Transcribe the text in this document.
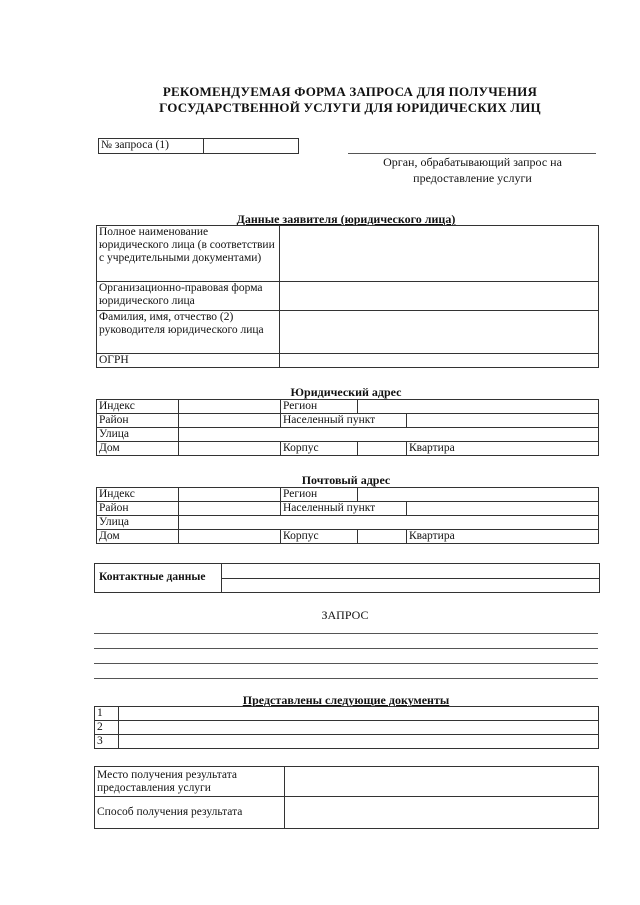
РЕКОМЕНДУЕМАЯ ФОРМА ЗАПРОСА ДЛЯ ПОЛУЧЕНИЯ
ГОСУДАРСТВЕННОЙ УСЛУГИ ДЛЯ ЮРИДИЧЕСКИХ ЛИЦ
№ запроса (1)	
Орган, обрабатывающий запрос на
предоставление услуги
Данные заявителя (юридического лица)
Полное наименование юридического лица (в соответствии с учредительными документами)	
Организационно-правовая форма юридического лица	
Фамилия, имя, отчество (2) руководителя юридического лица	
ОГРН	
Юридический адрес
Индекс		Регион		
Район		Населенный пункт		
Улица				
Дом		Корпус		Квартира
Почтовый адрес
Индекс		Регион		
Район		Населенный пункт		
Улица				
Дом		Корпус		Квартира
Контактные данные
ЗАПРОС
Представлены следующие документы
1	
2	
3	
Место получения результата предоставления услуги	
Способ получения результата	
